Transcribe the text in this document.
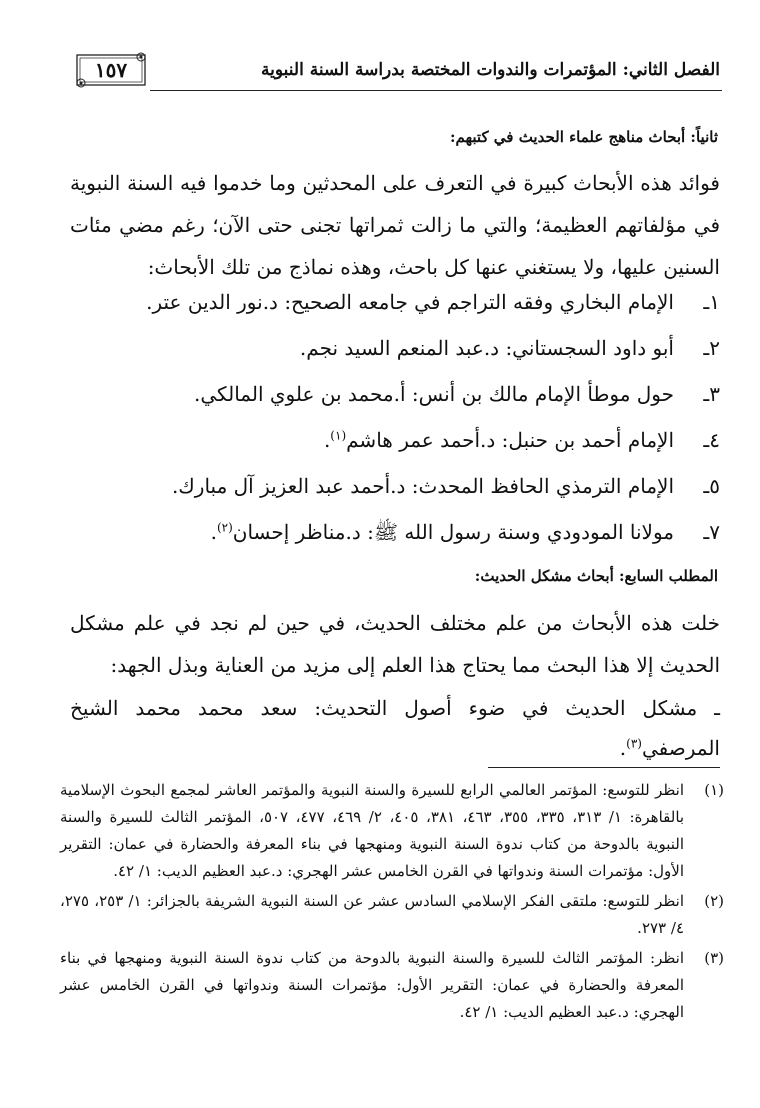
الفصل الثاني: المؤتمرات والندوات المختصة بدراسة السنة النبوية
١٥٧
ثانياً: أبحاث مناهج علماء الحديث في كتبهم:
فوائد هذه الأبحاث كبيرة في التعرف على المحدثين وما خدموا فيه السنة النبوية في مؤلفاتهم العظيمة؛ والتي ما زالت ثمراتها تجنى حتى الآن؛ رغم مضي مئات السنين عليها، ولا يستغني عنها كل باحث، وهذه نماذج من تلك الأبحاث:
١ـالإمام البخاري وفقه التراجم في جامعه الصحيح: د.نور الدين عتر.
٢ـأبو داود السجستاني: د.عبد المنعم السيد نجم.
٣ـحول موطأ الإمام مالك بن أنس: أ.محمد بن علوي المالكي.
٤ـالإمام أحمد بن حنبل: د.أحمد عمر هاشم$^{(١)}$.
٥ـالإمام الترمذي الحافظ المحدث: د.أحمد عبد العزيز آل مبارك.
٧ـمولانا المودودي وسنة رسول الله ﷺ: د.مناظر إحسان$^{(٢)}$.
المطلب السابع: أبحاث مشكل الحديث:
خلت هذه الأبحاث من علم مختلف الحديث، في حين لم نجد في علم مشكل الحديث إلا هذا البحث مما يحتاج هذا العلم إلى مزيد من العناية وبذل الجهد:
ـ مشكل الحديث في ضوء أصول التحديث: سعد محمد محمد الشيخ المرصفي$^{(٣)}$.
(١)
انظر للتوسع: المؤتمر العالمي الرابع للسيرة والسنة النبوية والمؤتمر العاشر لمجمع البحوث الإسلامية بالقاهرة: ١/ ٣١٣، ٣٣٥، ٣٥٥، ٤٦٣، ٣٨١، ٤٠٥، ٢/ ٤٦٩، ٤٧٧، ٥٠٧، المؤتمر الثالث للسيرة والسنة النبوية بالدوحة من كتاب ندوة السنة النبوية ومنهجها في بناء المعرفة والحضارة في عمان: التقرير الأول: مؤتمرات السنة وندواتها في القرن الخامس عشر الهجري: د.عبد العظيم الديب: ١/ ٤٢.
(٢)
انظر للتوسع: ملتقى الفكر الإسلامي السادس عشر عن السنة النبوية الشريفة بالجزائر: ١/ ٢٥٣، ٢٧٥، ٤/ ٢٧٣.
(٣)
انظر: المؤتمر الثالث للسيرة والسنة النبوية بالدوحة من كتاب ندوة السنة النبوية ومنهجها في بناء المعرفة والحضارة في عمان: التقرير الأول: مؤتمرات السنة وندواتها في القرن الخامس عشر الهجري: د.عبد العظيم الديب: ١/ ٤٢.
